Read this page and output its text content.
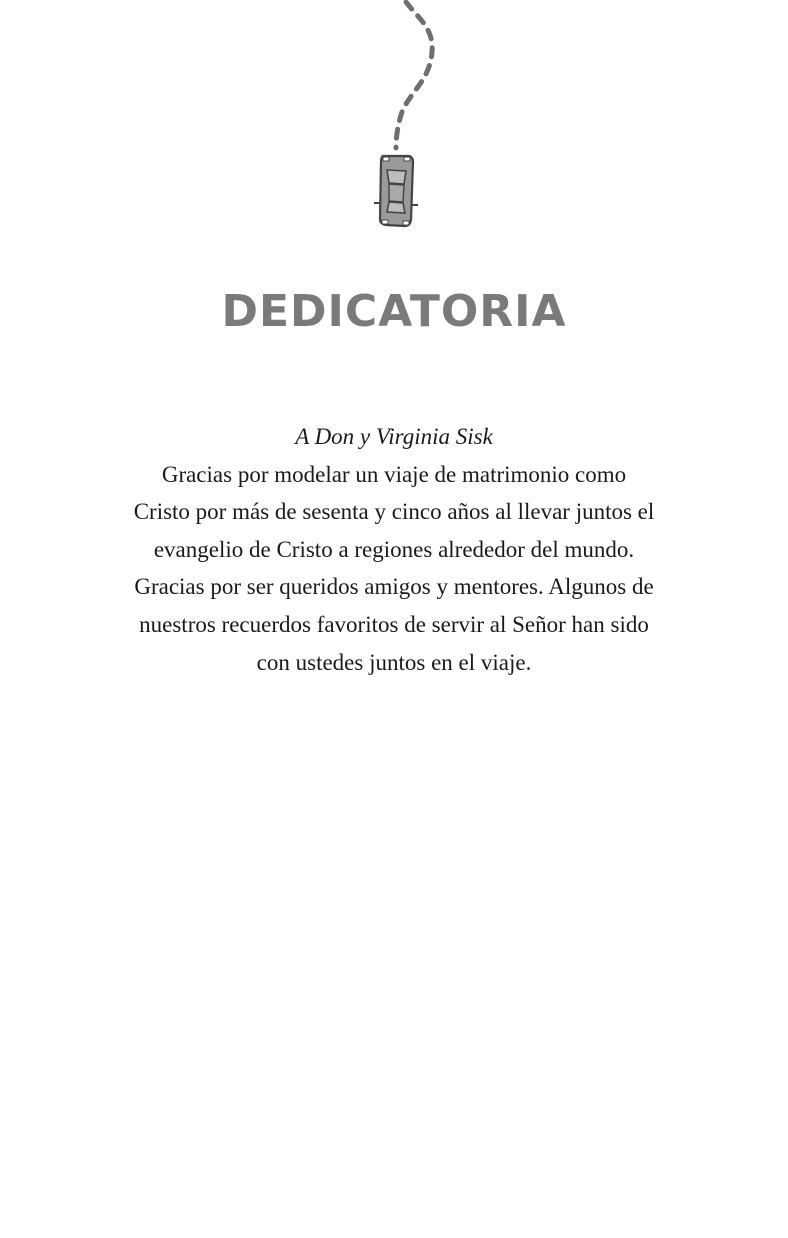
DEDICATORIA
A Don y Virginia Sisk
Gracias por modelar un viaje de matrimonio como
Cristo por más de sesenta y cinco años al llevar juntos el
evangelio de Cristo a regiones alrededor del mundo.
Gracias por ser queridos amigos y mentores. Algunos de
nuestros recuerdos favoritos de servir al Señor han sido
con ustedes juntos en el viaje.
